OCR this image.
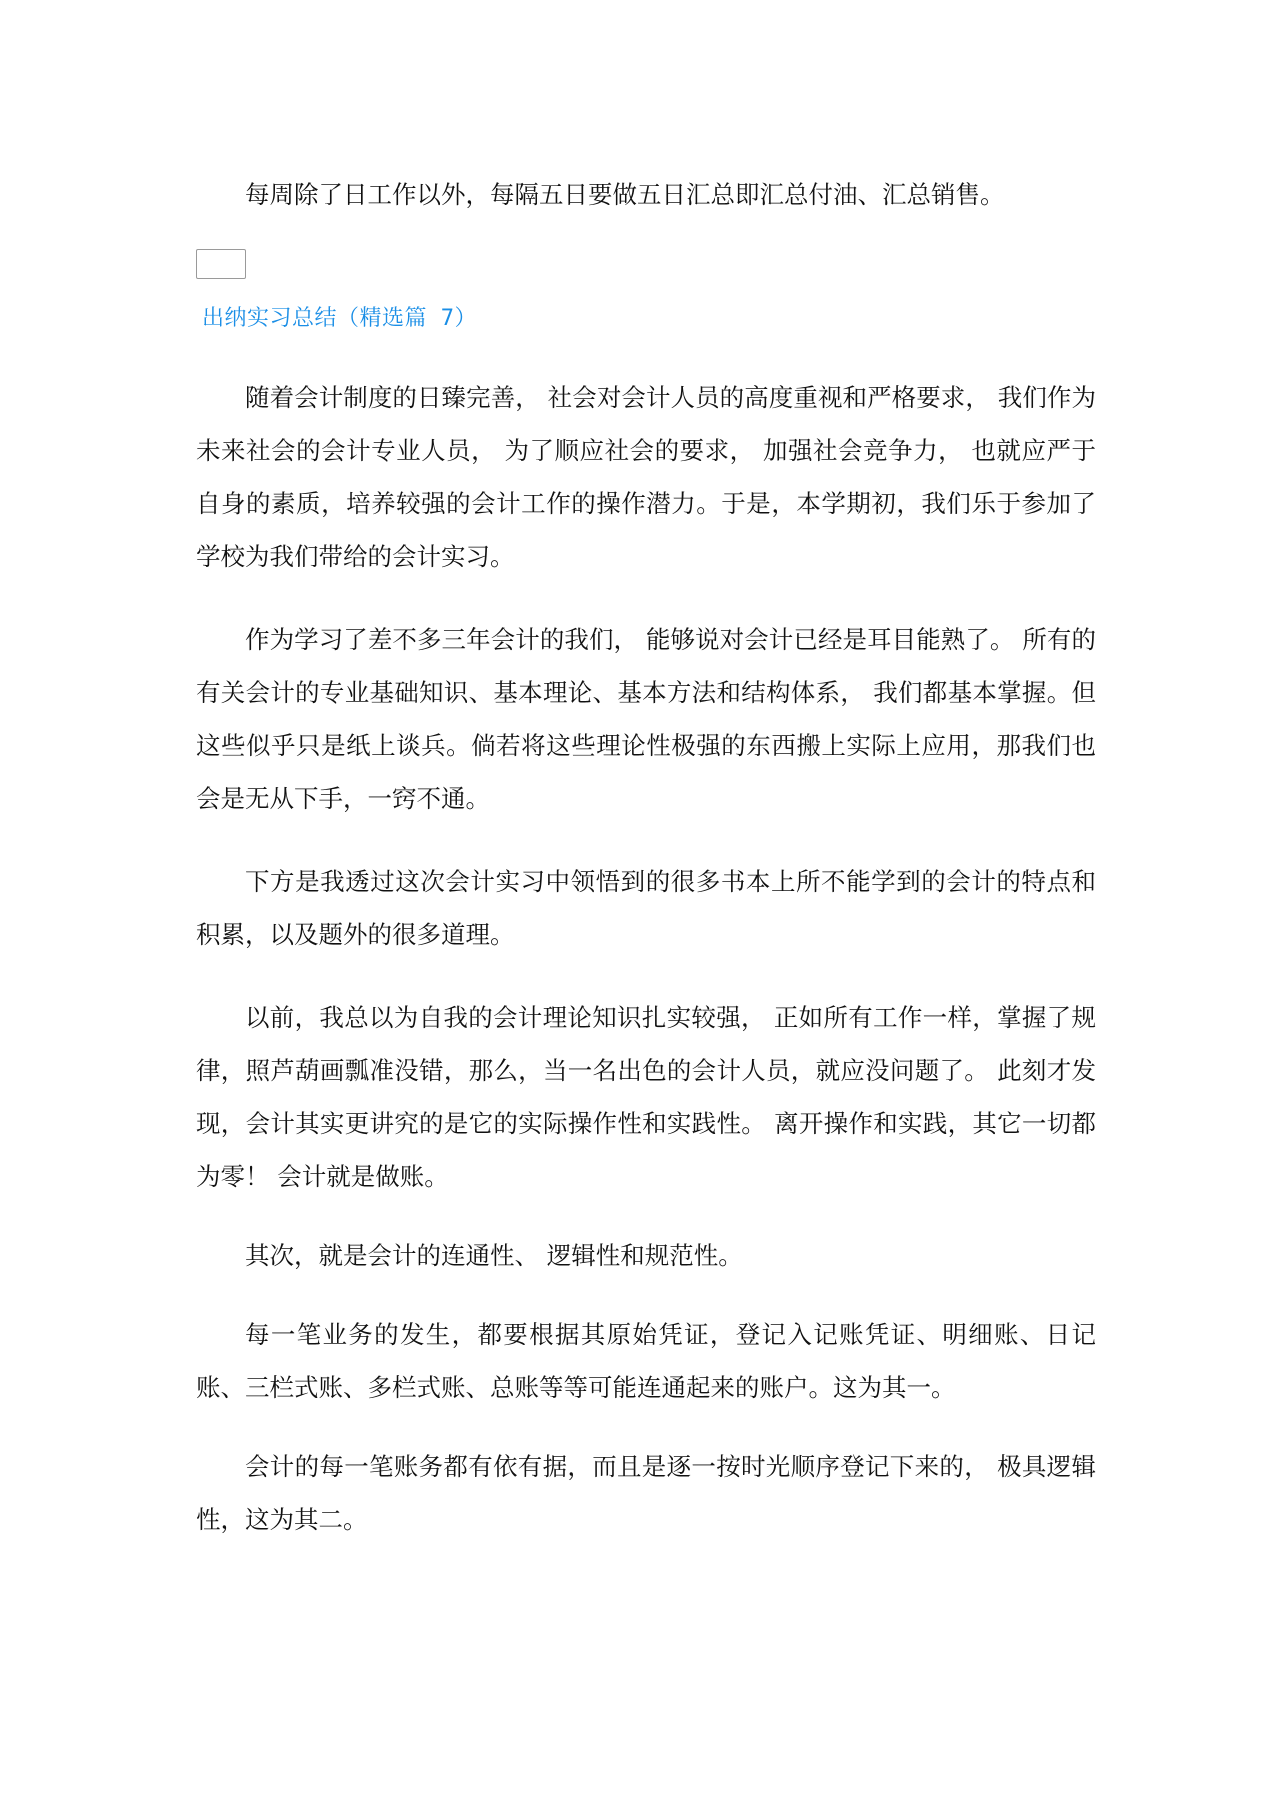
每周除了日工作以外，每隔五日要做五日汇总即汇总付油、汇总销售。

出纳实习总结（精选篇 7）

随着会计制度的日臻完善， 社会对会计人员的高度重视和严格要求， 我们作为未来社会的会计专业人员， 为了顺应社会的要求， 加强社会竞争力， 也就应严于自身的素质，培养较强的会计工作的操作潜力。于是，本学期初，我们乐于参加了学校为我们带给的会计实习。

作为学习了差不多三年会计的我们， 能够说对会计已经是耳目能熟了。 所有的有关会计的专业基础知识、基本理论、基本方法和结构体系， 我们都基本掌握。但这些似乎只是纸上谈兵。倘若将这些理论性极强的东西搬上实际上应用，那我们也会是无从下手，一窍不通。

下方是我透过这次会计实习中领悟到的很多书本上所不能学到的会计的特点和积累，以及题外的很多道理。

以前，我总以为自我的会计理论知识扎实较强， 正如所有工作一样，掌握了规律，照芦葫画瓢准没错，那么，当一名出色的会计人员，就应没问题了。 此刻才发现，会计其实更讲究的是它的实际操作性和实践性。 离开操作和实践，其它一切都为零！ 会计就是做账。

其次，就是会计的连通性、 逻辑性和规范性。

每一笔业务的发生，都要根据其原始凭证，登记入记账凭证、明细账、日记账、三栏式账、多栏式账、总账等等可能连通起来的账户。这为其一。

会计的每一笔账务都有依有据，而且是逐一按时光顺序登记下来的， 极具逻辑性，这为其二。
